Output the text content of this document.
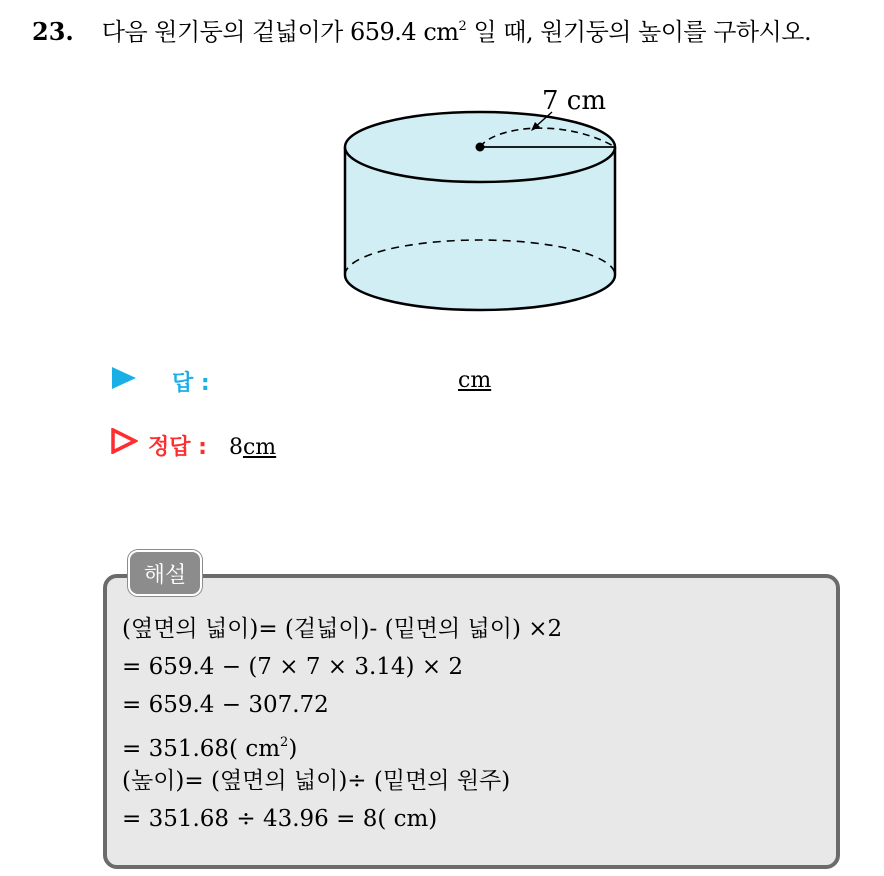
23. 다음 원기둥의 겉넓이가 659.4 $cm^2$ 일 때, 원기둥의 높이를 구하시오.
7 cm
답 :	cm
정답 : 8cm
해설
(옆면의 넓이)= (겉넓이)- (밑면의 넓이) ×2
= 659.4 − (7 × 7 × 3.14) × 2
= 659.4 − 307.72
= 351.68( $cm^2$)
(높이)= (옆면의 넓이)÷ (밑면의 원주)
= 351.68 ÷ 43.96 = 8( cm)
